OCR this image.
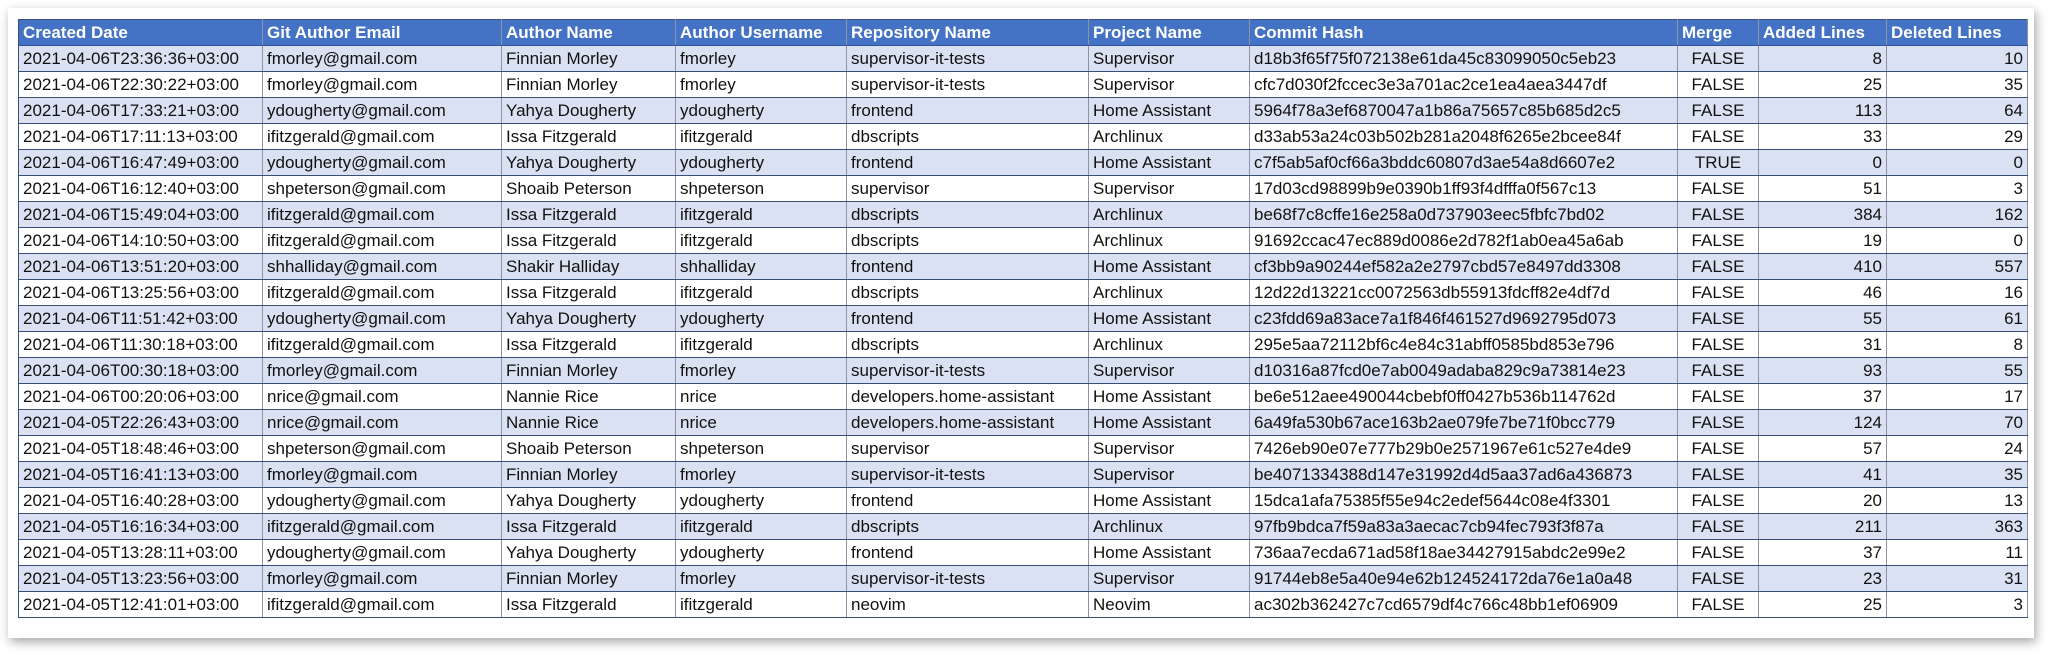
Created Date	Git Author Email	Author Name	Author Username	Repository Name	Project Name	Commit Hash	Merge	Added Lines	Deleted Lines
2021-04-06T23:36:36+03:00	fmorley@gmail.com	Finnian Morley	fmorley	supervisor-it-tests	Supervisor	d18b3f65f75f072138e61da45c83099050c5eb23	FALSE	8	10
2021-04-06T22:30:22+03:00	fmorley@gmail.com	Finnian Morley	fmorley	supervisor-it-tests	Supervisor	cfc7d030f2fccec3e3a701ac2ce1ea4aea3447df	FALSE	25	35
2021-04-06T17:33:21+03:00	ydougherty@gmail.com	Yahya Dougherty	ydougherty	frontend	Home Assistant	5964f78a3ef6870047a1b86a75657c85b685d2c5	FALSE	113	64
2021-04-06T17:11:13+03:00	ifitzgerald@gmail.com	Issa Fitzgerald	ifitzgerald	dbscripts	Archlinux	d33ab53a24c03b502b281a2048f6265e2bcee84f	FALSE	33	29
2021-04-06T16:47:49+03:00	ydougherty@gmail.com	Yahya Dougherty	ydougherty	frontend	Home Assistant	c7f5ab5af0cf66a3bddc60807d3ae54a8d6607e2	TRUE	0	0
2021-04-06T16:12:40+03:00	shpeterson@gmail.com	Shoaib Peterson	shpeterson	supervisor	Supervisor	17d03cd98899b9e0390b1ff93f4dfffa0f567c13	FALSE	51	3
2021-04-06T15:49:04+03:00	ifitzgerald@gmail.com	Issa Fitzgerald	ifitzgerald	dbscripts	Archlinux	be68f7c8cffe16e258a0d737903eec5fbfc7bd02	FALSE	384	162
2021-04-06T14:10:50+03:00	ifitzgerald@gmail.com	Issa Fitzgerald	ifitzgerald	dbscripts	Archlinux	91692ccac47ec889d0086e2d782f1ab0ea45a6ab	FALSE	19	0
2021-04-06T13:51:20+03:00	shhalliday@gmail.com	Shakir Halliday	shhalliday	frontend	Home Assistant	cf3bb9a90244ef582a2e2797cbd57e8497dd3308	FALSE	410	557
2021-04-06T13:25:56+03:00	ifitzgerald@gmail.com	Issa Fitzgerald	ifitzgerald	dbscripts	Archlinux	12d22d13221cc0072563db55913fdcff82e4df7d	FALSE	46	16
2021-04-06T11:51:42+03:00	ydougherty@gmail.com	Yahya Dougherty	ydougherty	frontend	Home Assistant	c23fdd69a83ace7a1f846f461527d9692795d073	FALSE	55	61
2021-04-06T11:30:18+03:00	ifitzgerald@gmail.com	Issa Fitzgerald	ifitzgerald	dbscripts	Archlinux	295e5aa72112bf6c4e84c31abff0585bd853e796	FALSE	31	8
2021-04-06T00:30:18+03:00	fmorley@gmail.com	Finnian Morley	fmorley	supervisor-it-tests	Supervisor	d10316a87fcd0e7ab0049adaba829c9a73814e23	FALSE	93	55
2021-04-06T00:20:06+03:00	nrice@gmail.com	Nannie Rice	nrice	developers.home-assistant	Home Assistant	be6e512aee490044cbebf0ff0427b536b114762d	FALSE	37	17
2021-04-05T22:26:43+03:00	nrice@gmail.com	Nannie Rice	nrice	developers.home-assistant	Home Assistant	6a49fa530b67ace163b2ae079fe7be71f0bcc779	FALSE	124	70
2021-04-05T18:48:46+03:00	shpeterson@gmail.com	Shoaib Peterson	shpeterson	supervisor	Supervisor	7426eb90e07e777b29b0e2571967e61c527e4de9	FALSE	57	24
2021-04-05T16:41:13+03:00	fmorley@gmail.com	Finnian Morley	fmorley	supervisor-it-tests	Supervisor	be4071334388d147e31992d4d5aa37ad6a436873	FALSE	41	35
2021-04-05T16:40:28+03:00	ydougherty@gmail.com	Yahya Dougherty	ydougherty	frontend	Home Assistant	15dca1afa75385f55e94c2edef5644c08e4f3301	FALSE	20	13
2021-04-05T16:16:34+03:00	ifitzgerald@gmail.com	Issa Fitzgerald	ifitzgerald	dbscripts	Archlinux	97fb9bdca7f59a83a3aecac7cb94fec793f3f87a	FALSE	211	363
2021-04-05T13:28:11+03:00	ydougherty@gmail.com	Yahya Dougherty	ydougherty	frontend	Home Assistant	736aa7ecda671ad58f18ae34427915abdc2e99e2	FALSE	37	11
2021-04-05T13:23:56+03:00	fmorley@gmail.com	Finnian Morley	fmorley	supervisor-it-tests	Supervisor	91744eb8e5a40e94e62b124524172da76e1a0a48	FALSE	23	31
2021-04-05T12:41:01+03:00	ifitzgerald@gmail.com	Issa Fitzgerald	ifitzgerald	neovim	Neovim	ac302b362427c7cd6579df4c766c48bb1ef06909	FALSE	25	3
